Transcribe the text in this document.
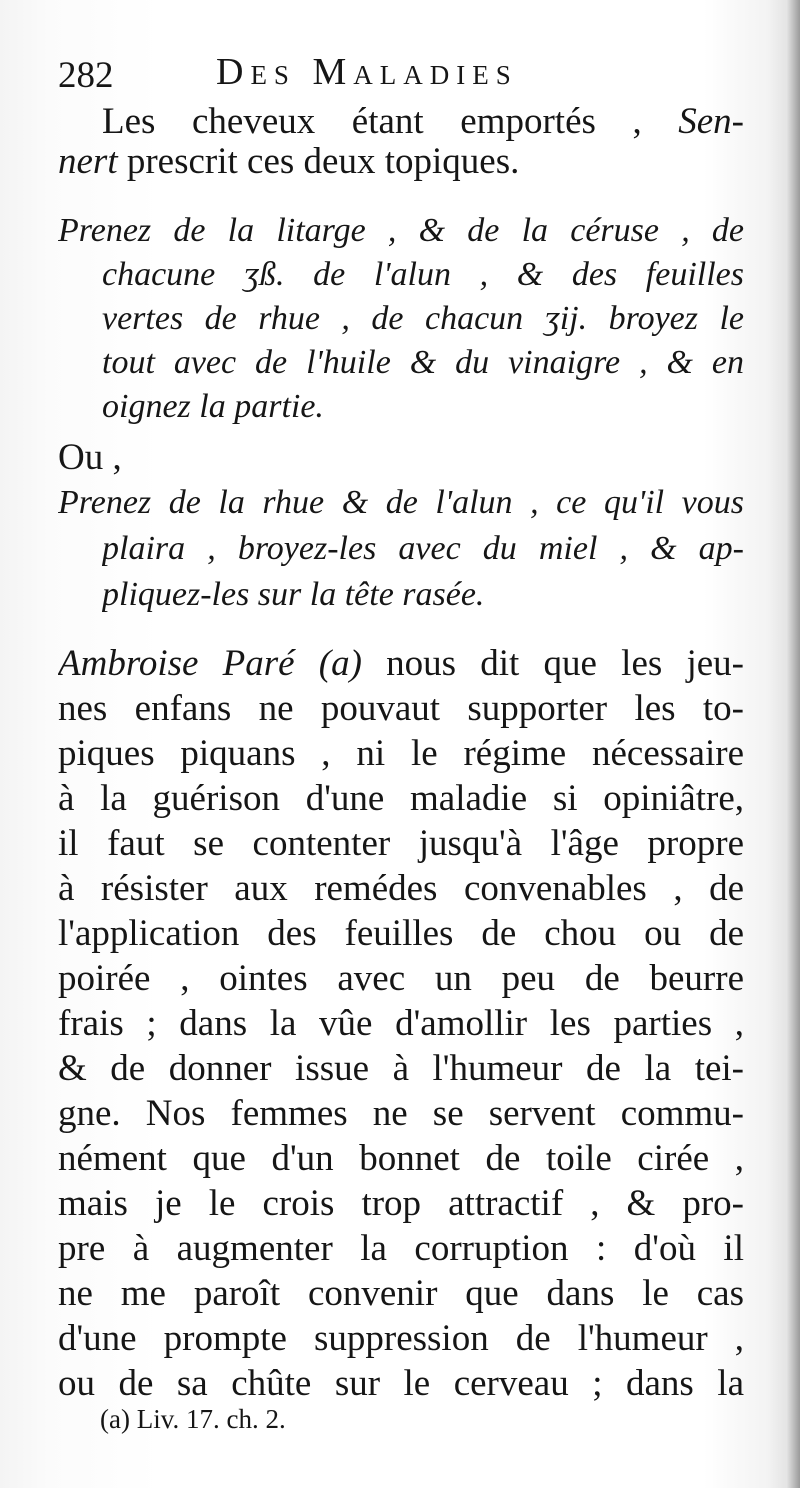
282	Des Maladies
Les cheveux étant emportés , Sen-
nert prescrit ces deux topiques.
Prenez de la litarge , & de la céruse , de
chacune ʒß. de l'alun , & des feuilles
vertes de rhue , de chacun ʒij. broyez le
tout avec de l'huile & du vinaigre , & en
oignez la partie.
Ou ,
Prenez de la rhue & de l'alun , ce qu'il vous
plaira , broyez-les avec du miel , & ap-
pliquez-les sur la tête rasée.
Ambroise Paré (a) nous dit que les jeu-
nes enfans ne pouvaut supporter les to-
piques piquans , ni le régime nécessaire
à la guérison d'une maladie si opiniâtre,
il faut se contenter jusqu'à l'âge propre
à résister aux remédes convenables , de
l'application des feuilles de chou ou de
poirée , ointes avec un peu de beurre
frais ; dans la vûe d'amollir les parties ,
& de donner issue à l'humeur de la tei-
gne. Nos femmes ne se servent commu-
nément que d'un bonnet de toile cirée ,
mais je le crois trop attractif , & pro-
pre à augmenter la corruption : d'où il
ne me paroît convenir que dans le cas
d'une prompte suppression de l'humeur ,
ou de sa chûte sur le cerveau ; dans la
(a) Liv. 17. ch. 2.
